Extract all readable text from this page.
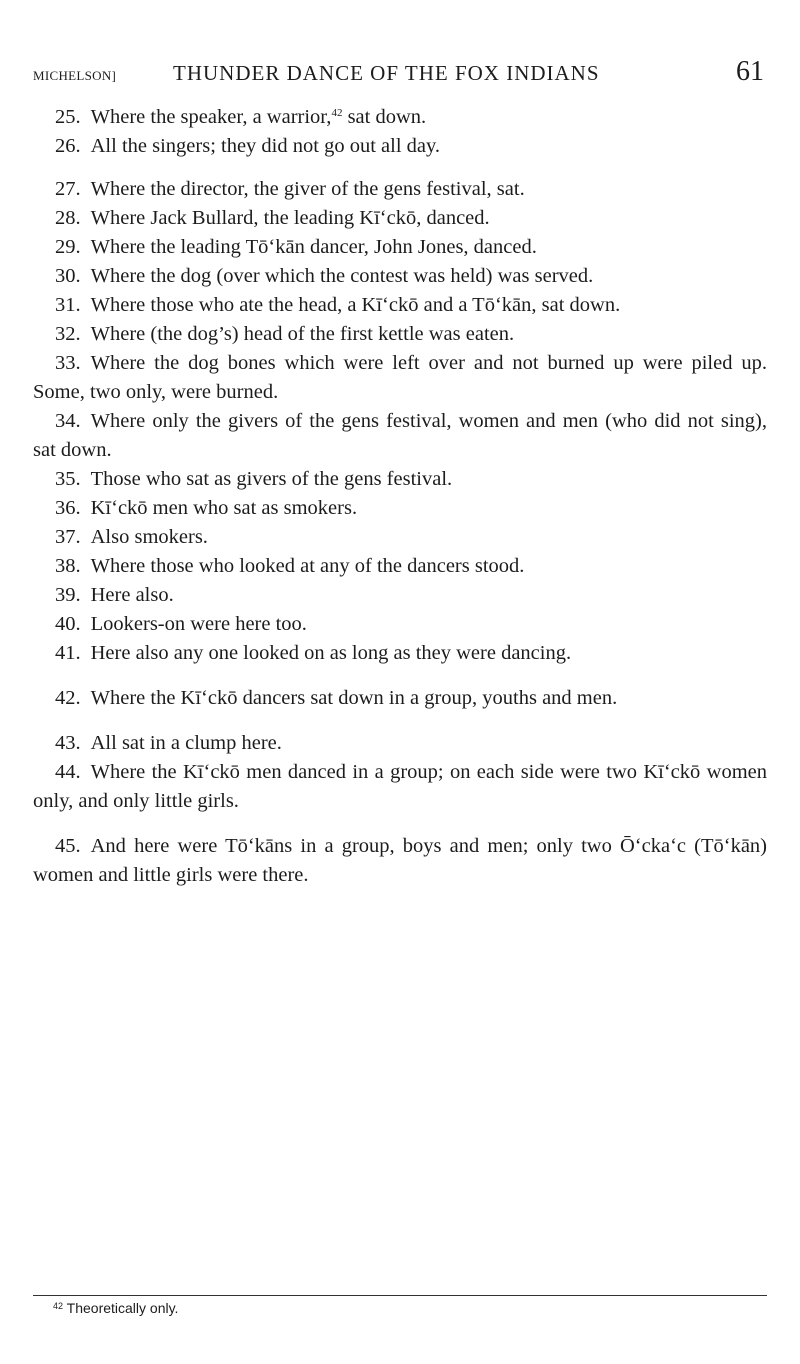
MICHELSON]	THUNDER DANCE OF THE FOX INDIANS	61

25. Where the speaker, a warrior,$^{42}$ sat down.

26. All the singers; they did not go out all day.

27. Where the director, the giver of the gens festival, sat.

28. Where Jack Bullard, the leading Kīʻckō, danced.

29. Where the leading Tōʻkān dancer, John Jones, danced.

30. Where the dog (over which the contest was held) was served.

31. Where those who ate the head, a Kīʻckō and a Tōʻkān, sat down.

32. Where (the dog’s) head of the first kettle was eaten.

33. Where the dog bones which were left over and not burned up were piled up. Some, two only, were burned.

34. Where only the givers of the gens festival, women and men (who did not sing), sat down.

35. Those who sat as givers of the gens festival.

36. Kīʻckō men who sat as smokers.

37. Also smokers.

38. Where those who looked at any of the dancers stood.

39. Here also.

40. Lookers-on were here too.

41. Here also any one looked on as long as they were dancing.

42. Where the Kīʻckō dancers sat down in a group, youths and men.

43. All sat in a clump here.

44. Where the Kīʻckō men danced in a group; on each side were two Kīʻckō women only, and only little girls.

45. And here were Tōʻkāns in a group, boys and men; only two Ōʻckaʻc (Tōʻkān) women and little girls were there.

$^{42}$ Theoretically only.
